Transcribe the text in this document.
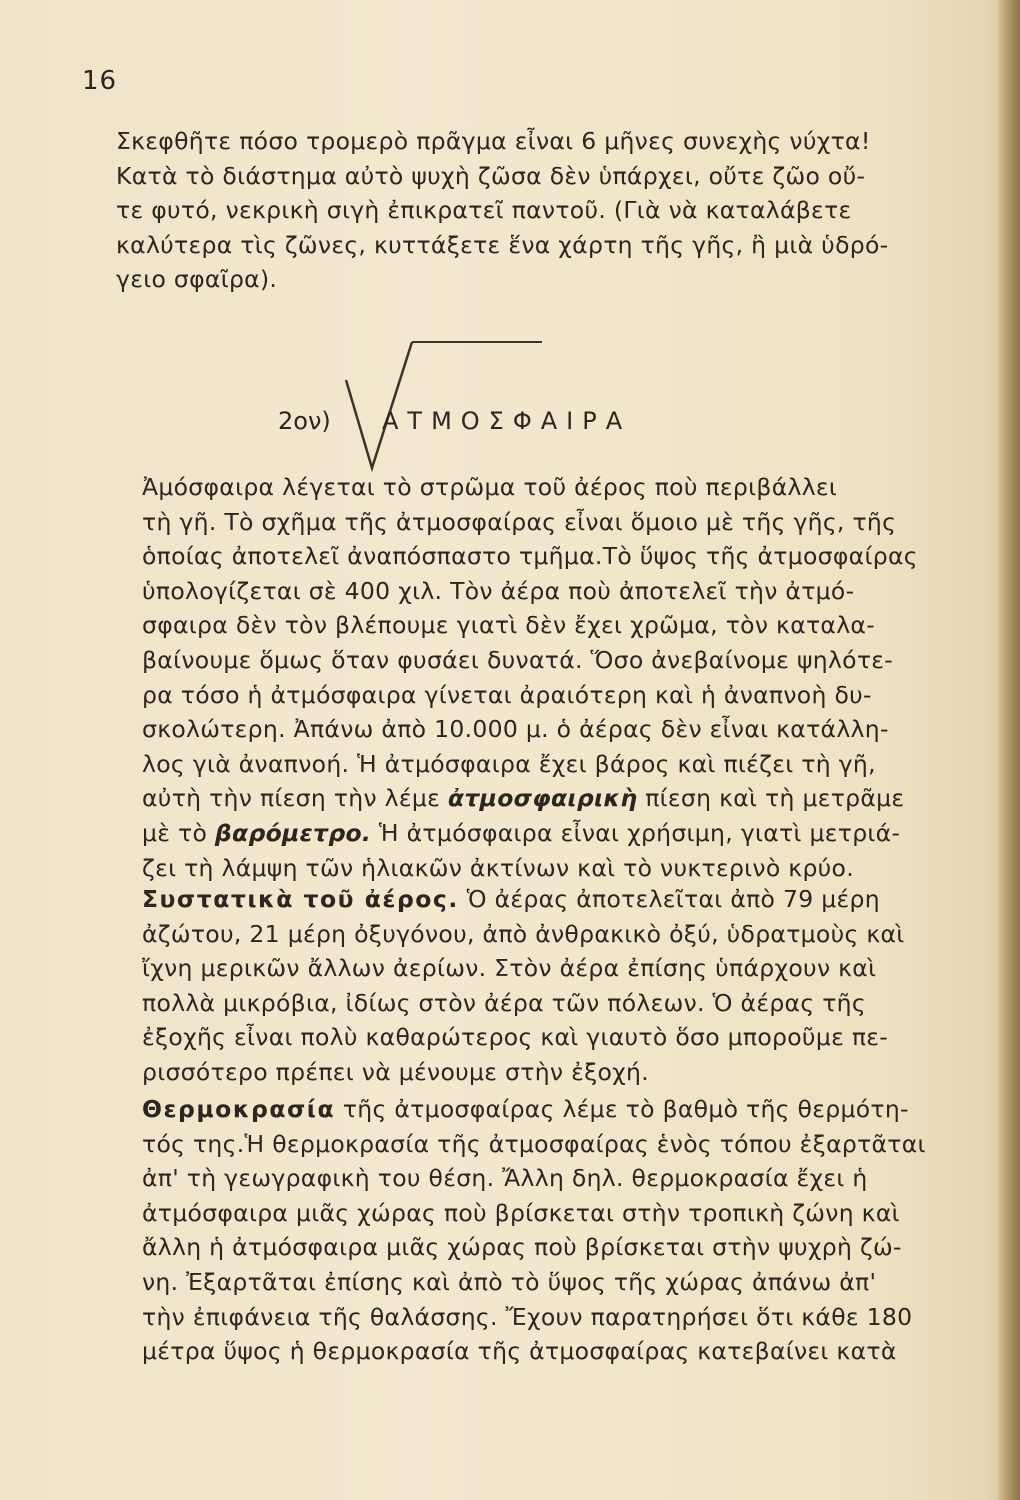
16

Σκεφθῆτε πόσο τρομερὸ πρᾶγμα εἶναι 6 μῆνες συνεχὴς νύχτα!
Κατὰ τὸ διάστημα αὐτὸ ψυχὴ ζῶσα δὲν ὑπάρχει, οὔτε ζῶο οὔ-
τε φυτό, νεκρικὴ σιγὴ ἐπικρατεῖ παντοῦ. (Γιὰ νὰ καταλάβετε
καλύτερα τὶς ζῶνες, κυττάξετε ἕνα χάρτη τῆς γῆς, ἢ μιὰ ὑδρό-
γειο σφαῖρα).

2ον) ΑΤΜΟΣΦΑΙΡΑ

Ἀμόσφαιρα λέγεται τὸ στρῶμα τοῦ ἀέρος ποὺ περιβάλλει
τὴ γῆ. Τὸ σχῆμα τῆς ἀτμοσφαίρας εἶναι ὅμοιο μὲ τῆς γῆς, τῆς
ὁποίας ἀποτελεῖ ἀναπόσπαστο τμῆμα.Τὸ ὕψος τῆς ἀτμοσφαίρας
ὑπολογίζεται σὲ 400 χιλ. Τὸν ἀέρα ποὺ ἀποτελεῖ τὴν ἀτμό-
σφαιρα δὲν τὸν βλέπουμε γιατὶ δὲν ἔχει χρῶμα, τὸν καταλα-
βαίνουμε ὅμως ὅταν φυσάει δυνατά. Ὅσο ἀνεβαίνομε ψηλότε-
ρα τόσο ἡ ἀτμόσφαιρα γίνεται ἀραιότερη καὶ ἡ ἀναπνοὴ δυ-
σκολώτερη. Ἀπάνω ἀπὸ 10.000 μ. ὁ ἀέρας δὲν εἶναι κατάλλη-
λος γιὰ ἀναπνοή. Ἡ ἀτμόσφαιρα ἔχει βάρος καὶ πιέζει τὴ γῆ,
αὐτὴ τὴν πίεση τὴν λέμε ἀτμοσφαιρικὴ πίεση καὶ τὴ μετρᾶμε
μὲ τὸ βαρόμετρο. Ἡ ἀτμόσφαιρα εἶναι χρήσιμη, γιατὶ μετριά-
ζει τὴ λάμψη τῶν ἡλιακῶν ἀκτίνων καὶ τὸ νυκτερινὸ κρύο.

Συστατικὰ τοῦ ἀέρος. Ὁ ἀέρας ἀποτελεῖται ἀπὸ 79 μέρη
ἀζώτου, 21 μέρη ὀξυγόνου, ἀπὸ ἀνθρακικὸ ὀξύ, ὑδρατμοὺς καὶ
ἴχνη μερικῶν ἄλλων ἀερίων. Στὸν ἀέρα ἐπίσης ὑπάρχουν καὶ
πολλὰ μικρόβια, ἰδίως στὸν ἀέρα τῶν πόλεων. Ὁ ἀέρας τῆς
ἐξοχῆς εἶναι πολὺ καθαρώτερος καὶ γιαυτὸ ὅσο μποροῦμε πε-
ρισσότερο πρέπει νὰ μένουμε στὴν ἐξοχή.

Θερμοκρασία τῆς ἀτμοσφαίρας λέμε τὸ βαθμὸ τῆς θερμότη-
τός της.Ἡ θερμοκρασία τῆς ἀτμοσφαίρας ἑνὸς τόπου ἐξαρτᾶται
ἀπ' τὴ γεωγραφικὴ του θέση. Ἄλλη δηλ. θερμοκρασία ἔχει ἡ
ἀτμόσφαιρα μιᾶς χώρας ποὺ βρίσκεται στὴν τροπικὴ ζώνη καὶ
ἄλλη ἡ ἀτμόσφαιρα μιᾶς χώρας ποὺ βρίσκεται στὴν ψυχρὴ ζώ-
νη. Ἐξαρτᾶται ἐπίσης καὶ ἀπὸ τὸ ὕψος τῆς χώρας ἀπάνω ἀπ'
τὴν ἐπιφάνεια τῆς θαλάσσης. Ἔχουν παρατηρήσει ὅτι κάθε 180
μέτρα ὕψος ἡ θερμοκρασία τῆς ἀτμοσφαίρας κατεβαίνει κατὰ
